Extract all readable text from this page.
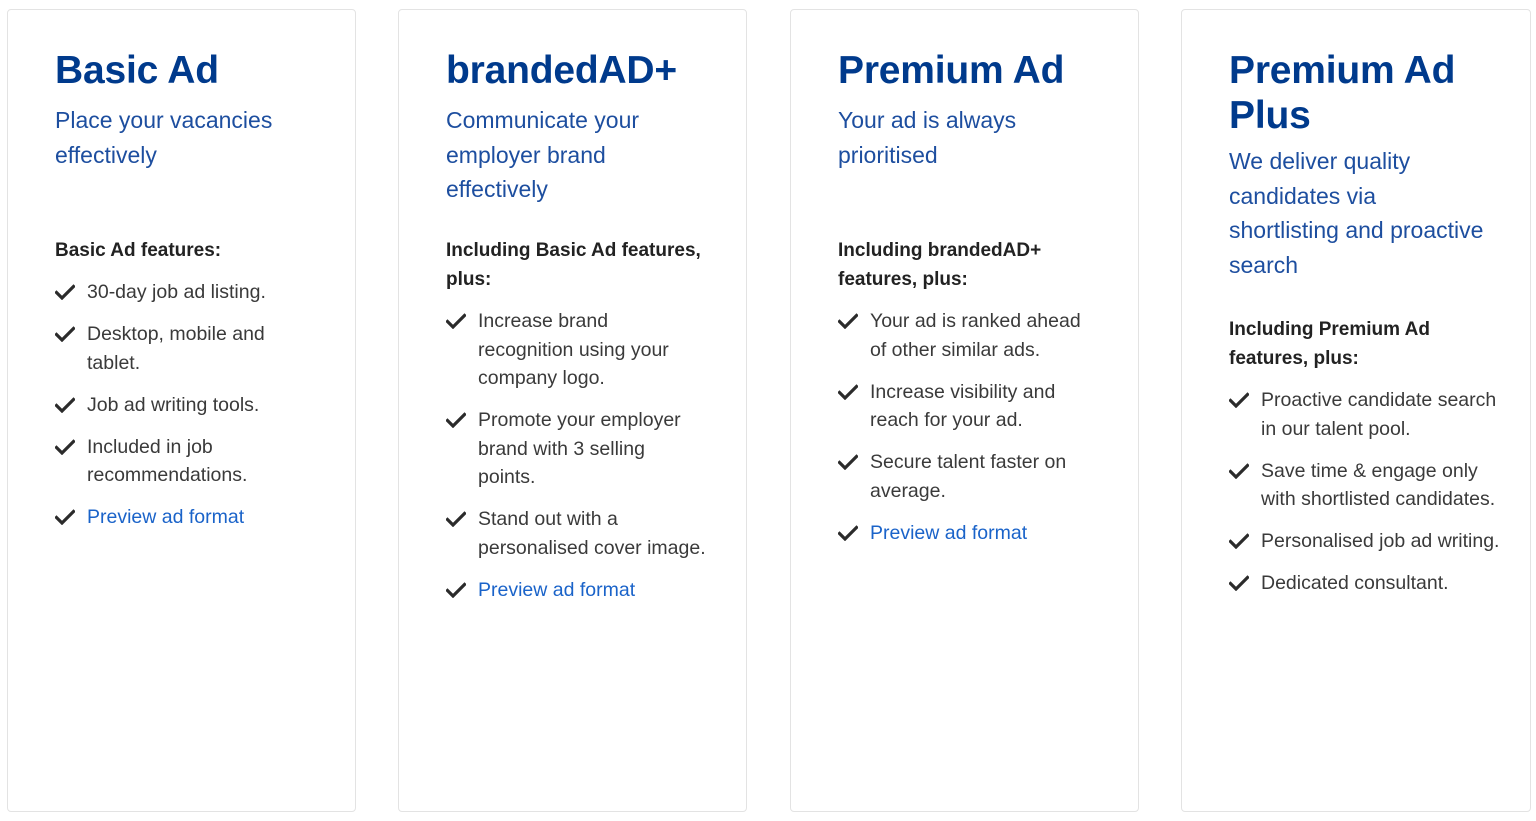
Basic Ad

Place your vacancies effectively

Basic Ad features:
30-day job ad listing.
Desktop, mobile and tablet.
Job ad writing tools.
Included in job recommendations.
Preview ad format
brandedAD+

Communicate your employer brand effectively

Including Basic Ad features, plus:
Increase brand recognition using your company logo.
Promote your employer brand with 3 selling points.
Stand out with a personalised cover image.
Preview ad format
Premium Ad

Your ad is always prioritised

Including brandedAD+ features, plus:
Your ad is ranked ahead of other similar ads.
Increase visibility and reach for your ad.
Secure talent faster on average.
Preview ad format
Premium Ad Plus

We deliver quality candidates via shortlisting and proactive search

Including Premium Ad features, plus:
Proactive candidate search in our talent pool.
Save time & engage only with shortlisted candidates.
Personalised job ad writing.
Dedicated consultant.
